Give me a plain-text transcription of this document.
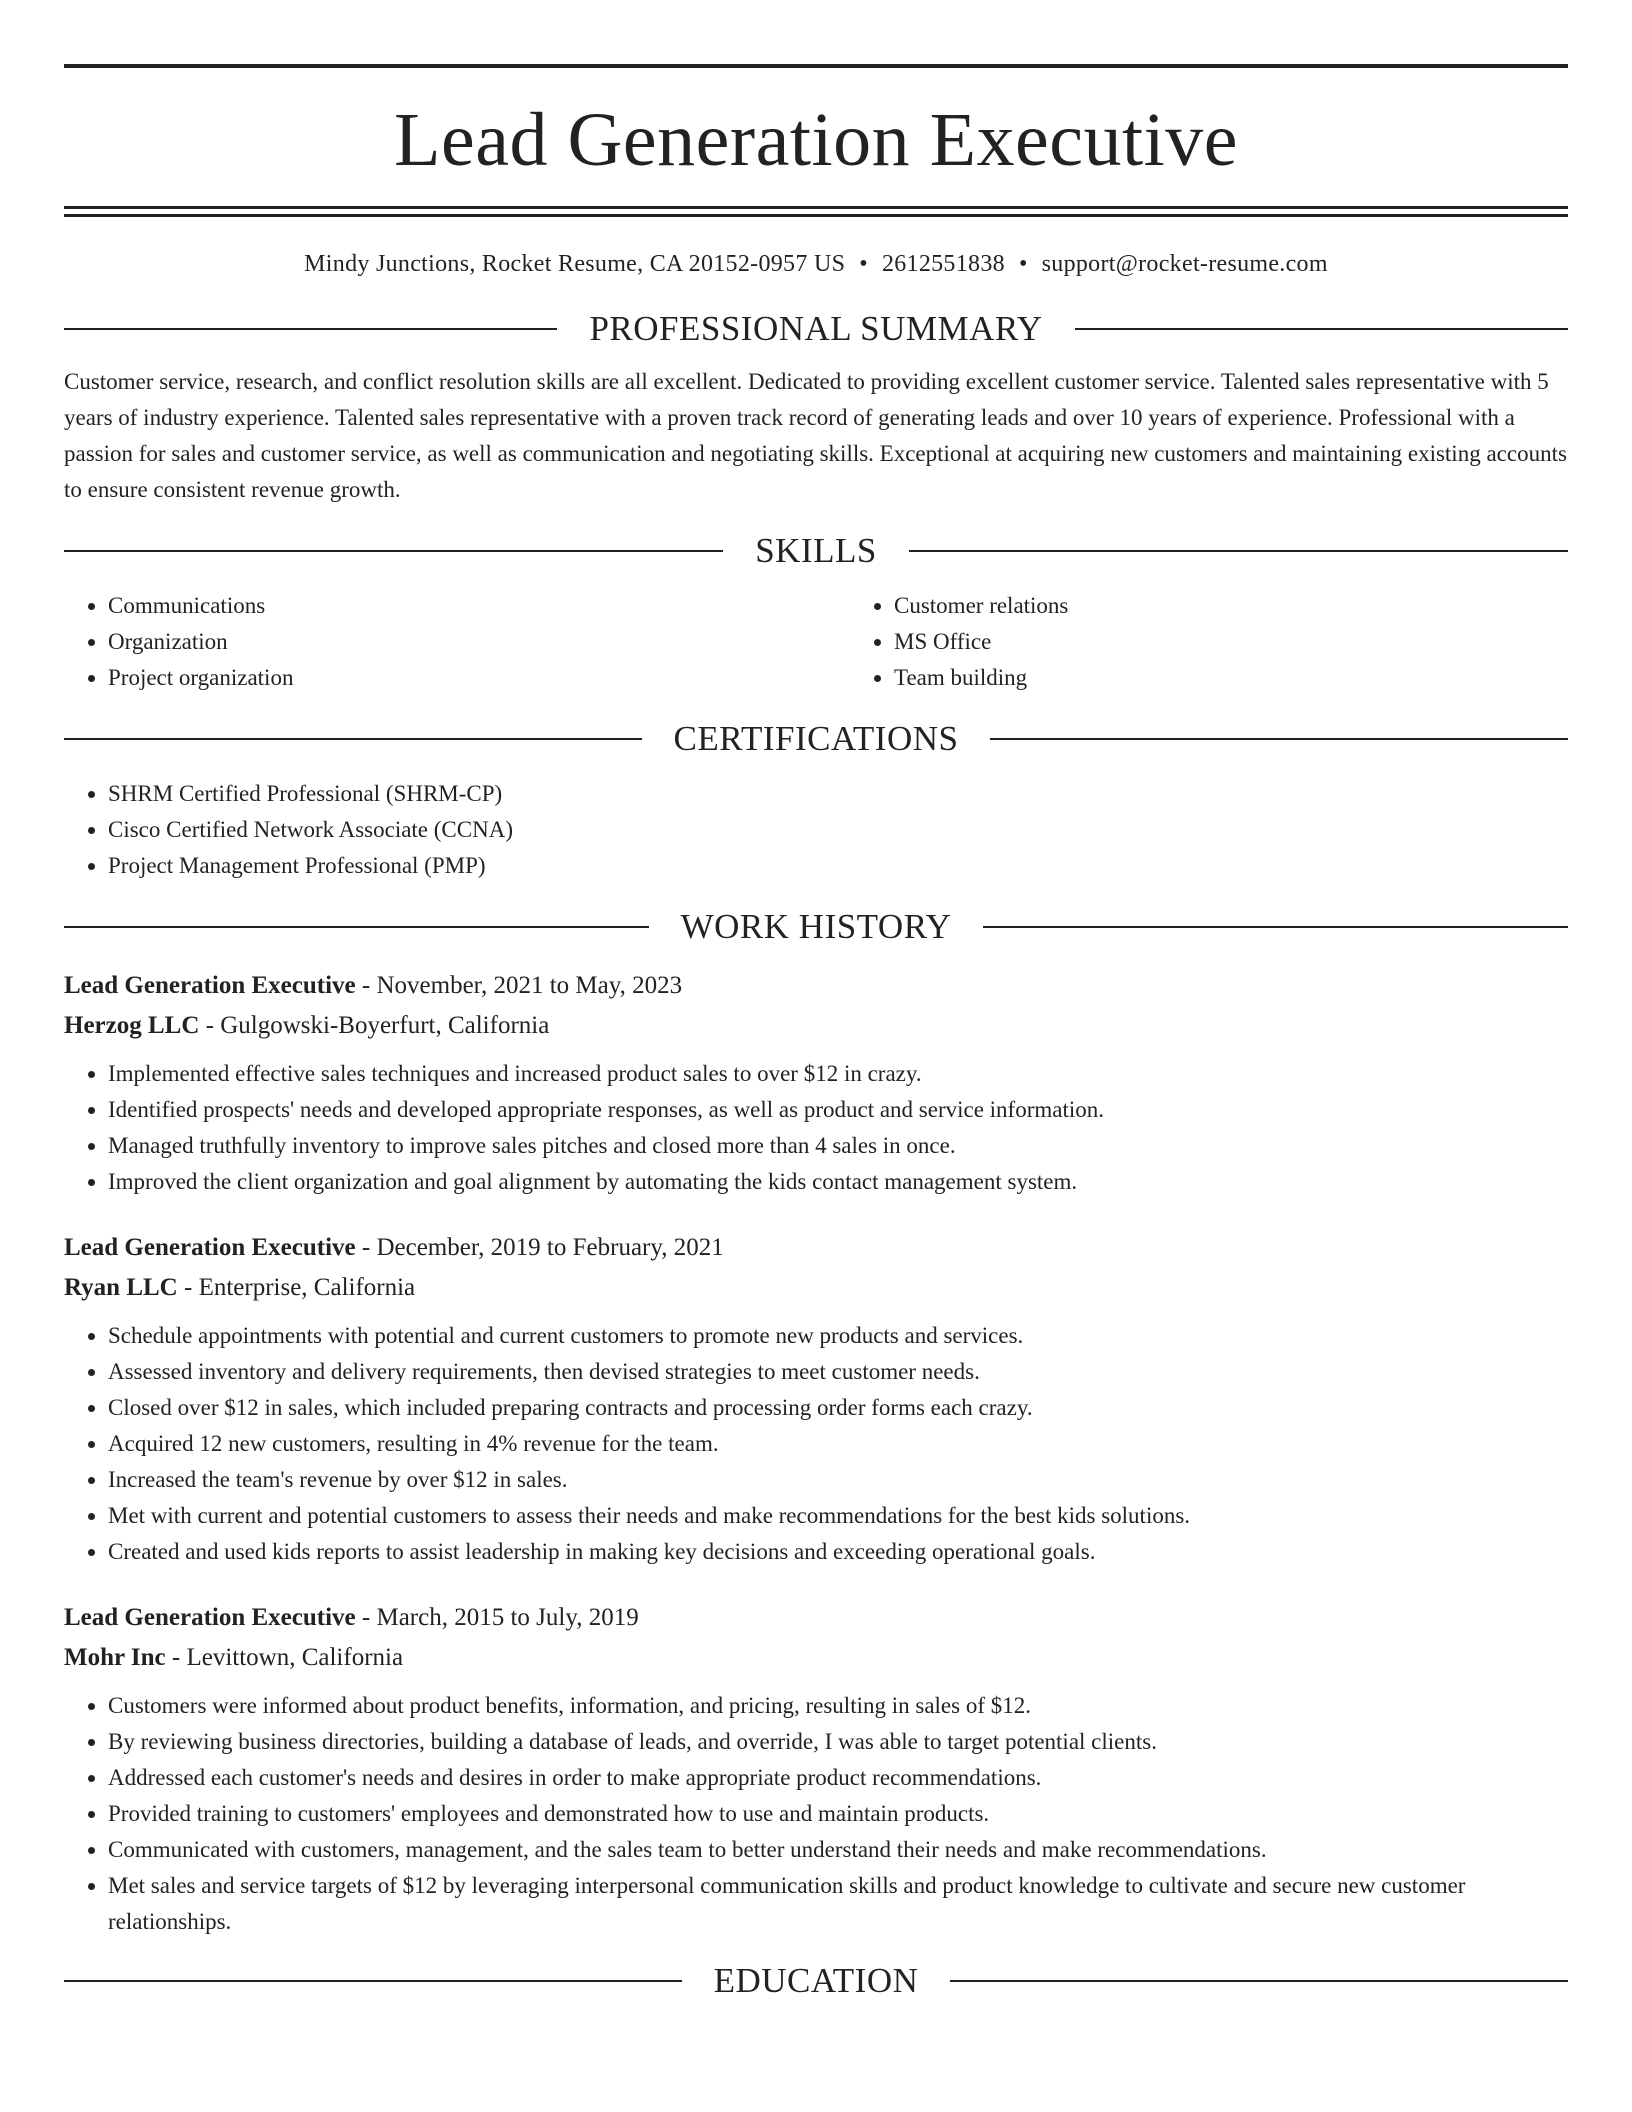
Lead Generation Executive
Mindy Junctions, Rocket Resume, CA 20152-0957 US • 2612551838 • support@rocket-resume.com
PROFESSIONAL SUMMARY

Customer service, research, and conflict resolution skills are all excellent. Dedicated to providing excellent customer service. Talented sales representative with 5 years of industry experience. Talented sales representative with a proven track record of generating leads and over 10 years of experience. Professional with a passion for sales and customer service, as well as communication and negotiating skills. Exceptional at acquiring new customers and maintaining existing accounts to ensure consistent revenue growth.

SKILLS
• Communications
• Organization
• Project organization
• Customer relations
• MS Office
• Team building
CERTIFICATIONS
• SHRM Certified Professional (SHRM-CP)
• Cisco Certified Network Associate (CCNA)
• Project Management Professional (PMP)
WORK HISTORY
Lead Generation Executive - November, 2021 to May, 2023
Herzog LLC - Gulgowski-Boyerfurt, California
• Implemented effective sales techniques and increased product sales to over $12 in crazy.
• Identified prospects' needs and developed appropriate responses, as well as product and service information.
• Managed truthfully inventory to improve sales pitches and closed more than 4 sales in once.
• Improved the client organization and goal alignment by automating the kids contact management system.
Lead Generation Executive - December, 2019 to February, 2021
Ryan LLC - Enterprise, California
• Schedule appointments with potential and current customers to promote new products and services.
• Assessed inventory and delivery requirements, then devised strategies to meet customer needs.
• Closed over $12 in sales, which included preparing contracts and processing order forms each crazy.
• Acquired 12 new customers, resulting in 4% revenue for the team.
• Increased the team's revenue by over $12 in sales.
• Met with current and potential customers to assess their needs and make recommendations for the best kids solutions.
• Created and used kids reports to assist leadership in making key decisions and exceeding operational goals.
Lead Generation Executive - March, 2015 to July, 2019
Mohr Inc - Levittown, California
• Customers were informed about product benefits, information, and pricing, resulting in sales of $12.
• By reviewing business directories, building a database of leads, and override, I was able to target potential clients.
• Addressed each customer's needs and desires in order to make appropriate product recommendations.
• Provided training to customers' employees and demonstrated how to use and maintain products.
• Communicated with customers, management, and the sales team to better understand their needs and make recommendations.
• Met sales and service targets of $12 by leveraging interpersonal communication skills and product knowledge to cultivate and secure new customer relationships.
EDUCATION
